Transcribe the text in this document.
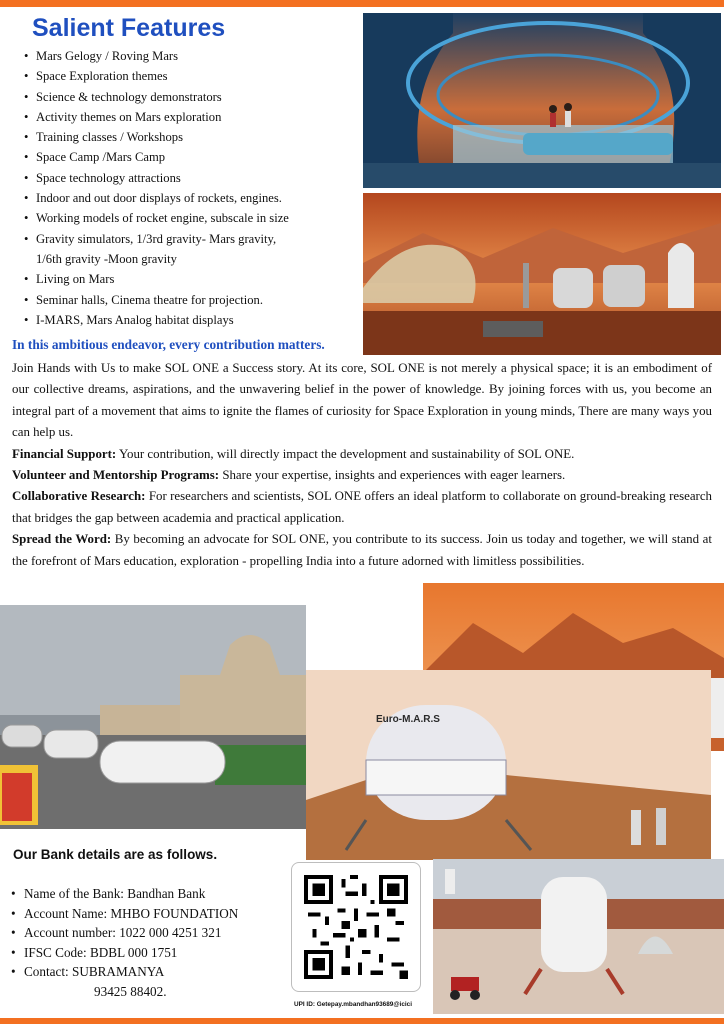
Salient Features
• Mars Gelogy / Roving Mars
• Space Exploration themes
• Science & technology demonstrators
• Activity themes on Mars exploration
• Training classes / Workshops
• Space Camp /Mars Camp
• Space technology attractions
• Indoor and out door displays of rockets, engines.
• Working models of rocket engine, subscale in size
• Gravity simulators, 1/3rd gravity- Mars gravity,
1/6th gravity -Moon gravity
• Living on Mars
• Seminar halls, Cinema theatre for projection.
• I-MARS, Mars Analog habitat displays
In this ambitious endeavor, every contribution matters.

Join Hands with Us to make SOL ONE a Success story. At its core, SOL ONE is not merely a physical space; it is an embodiment of our collective dreams, aspirations, and the unwavering belief in the power of knowledge. By joining forces with us, you become an integral part of a movement that aims to ignite the flames of curiosity for Space Exploration in young minds, There are many ways you can help us.

Financial Support: Your contribution, will directly impact the development and sustainability of SOL ONE.

Volunteer and Mentorship Programs: Share your expertise, insights and experiences with eager learners.

Collaborative Research: For researchers and scientists, SOL ONE offers an ideal platform to collaborate on ground-breaking research that bridges the gap between academia and practical application.

Spread the Word: By becoming an advocate for SOL ONE, you contribute to its success. Join us today and together, we will stand at the forefront of Mars education, exploration - propelling India into a future adorned with limitless possibilities.

Euro-M.A.R.S
Our Bank details are as follows.
• Name of the Bank: Bandhan Bank
• Account Name: MHBO FOUNDATION
• Account number: 1022 000 4251 321
• IFSC Code: BDBL 000 1751
• Contact: SUBRAMANYA
93425 88402.

UPI ID: Getepay.mbandhan93689@icici
